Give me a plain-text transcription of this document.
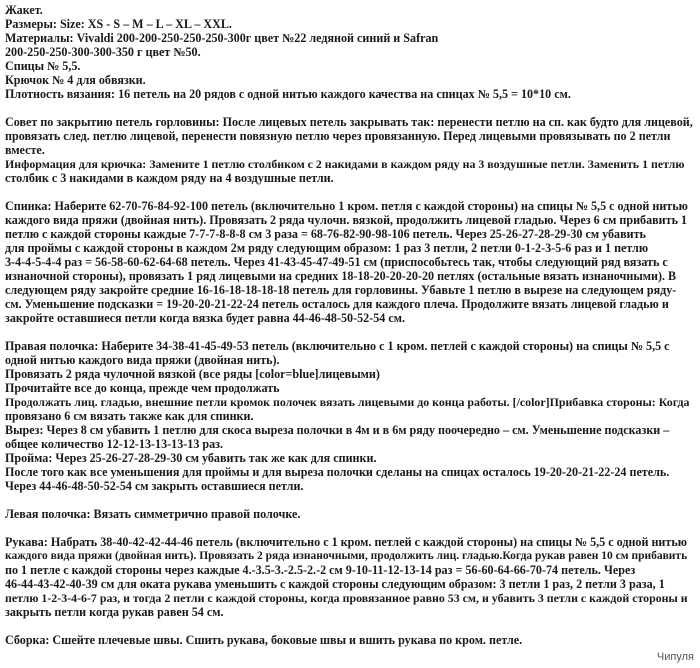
Жакет.
Размеры: Size: XS - S – M – L – XL – XXL.
Материалы: Vivaldi 200-200-250-250-250-300г цвет №22 ледяной синий и Safran
200-250-250-300-300-350 г цвет №50.
Спицы № 5,5.
Крючок № 4 для обвязки.
Плотность вязания: 16 петель на 20 рядов с одной нитью каждого качества на спицах № 5,5 = 10*10 см.
Совет по закрытию петель горловины: После лицевых петель закрывать так: перенести петлю на сп. как будто для лицевой,
провязать след. петлю лицевой, перенести повязную петлю через провязанную. Перед лицевыми провязывать по 2 петли
вместе.
Информация для крючка: Замените 1 петлю столбиком с 2 накидами в каждом ряду на 3 воздушные петли. Заменить 1 петлю
столбик с 3 накидами в каждом ряду на 4 воздушные петли.
Спинка: Наберите 62-70-76-84-92-100 петель (включительно 1 кром. петля с каждой стороны) на спицы № 5,5 с одной нитью
каждого вида пряжи (двойная нить). Провязать 2 ряда чулочн. вязкой, продолжить лицевой гладью. Через 6 см прибавить 1
петлю с каждой стороны каждые 7-7-7-8-8-8 см 3 раза = 68-76-82-90-98-106 петель. Через 25-26-27-28-29-30 см убавить
для проймы с каждой стороны в каждом 2м ряду следующим образом: 1 раз 3 петли, 2 петли 0-1-2-3-5-6 раз и 1 петлю
3-4-4-5-4-4 раз = 56-58-60-62-64-68 петель. Через 41-43-45-47-49-51 см (приспособьтесь так, чтобы следующий ряд вязать с
изнаночной стороны), провязать 1 ряд лицевыми на средних 18-18-20-20-20-20 петлях (остальные вязать изнаночными). В
следующем ряду закройте средние 16-16-18-18-18-18 петель для горловины. Убавьте 1 петлю в вырезе на следующем ряду-
см. Уменьшение подсказки = 19-20-20-21-22-24 петель осталось для каждого плеча. Продолжите вязать лицевой гладью и
закройте оставшиеся петли когда вязка будет равна 44-46-48-50-52-54 см.
Правая полочка: Наберите 34-38-41-45-49-53 петель (включительно с 1 кром. петлей с каждой стороны) на спицы № 5,5 с
одной нитью каждого вида пряжи (двойная нить).
Провязать 2 ряда чулочной вязкой (все ряды [color=blue]лицевыми)
Прочитайте все до конца, прежде чем продолжать
Продолжать лиц. гладью, внешние петли кромок полочек вязать лицевыми до конца работы. [/color]Прибавка стороны: Когда
провязано 6 см вязать также как для спинки.
Вырез: Через 8 см убавить 1 петлю для скоса выреза полочки в 4м и в 6м ряду поочередно – см. Уменьшение подсказки –
общее количество 12-12-13-13-13-13 раз.
Пройма: Через 25-26-27-28-29-30 см убавить так же как для спинки.
После того как все уменьшения для проймы и для выреза полочки сделаны на спицах осталось 19-20-20-21-22-24 петель.
Через 44-46-48-50-52-54 см закрыть оставшиеся петли.
Левая полочка: Вязать симметрично правой полочке.
Рукава: Набрать 38-40-42-42-44-46 петель (включительно с 1 кром. петлей с каждой стороны) на спицы № 5,5 с одной нитью
каждого вида пряжи (двойная нить). Провязать 2 ряда изнаночными, продолжить лиц. гладью.Когда рукав равен 10 см прибавить
по 1 петле с каждой стороны через каждые 4.-3.5-3.-2.5-2.-2 см 9-10-11-12-13-14 раз = 56-60-64-66-70-74 петель. Через
46-44-43-42-40-39 см для оката рукава уменьшить с каждой стороны следующим образом: 3 петли 1 раз, 2 петли 3 раза, 1
петлю 1-2-3-4-6-7 раз, и тогда 2 петли с каждой стороны, когда провязанное равно 53 см, и убавить 3 петли с каждой стороны и
закрыть петли когда рукав равен 54 см.
Сборка: Сшейте плечевые швы. Сшить рукава, боковые швы и вшить рукава по кром. петле.
Чипуля
